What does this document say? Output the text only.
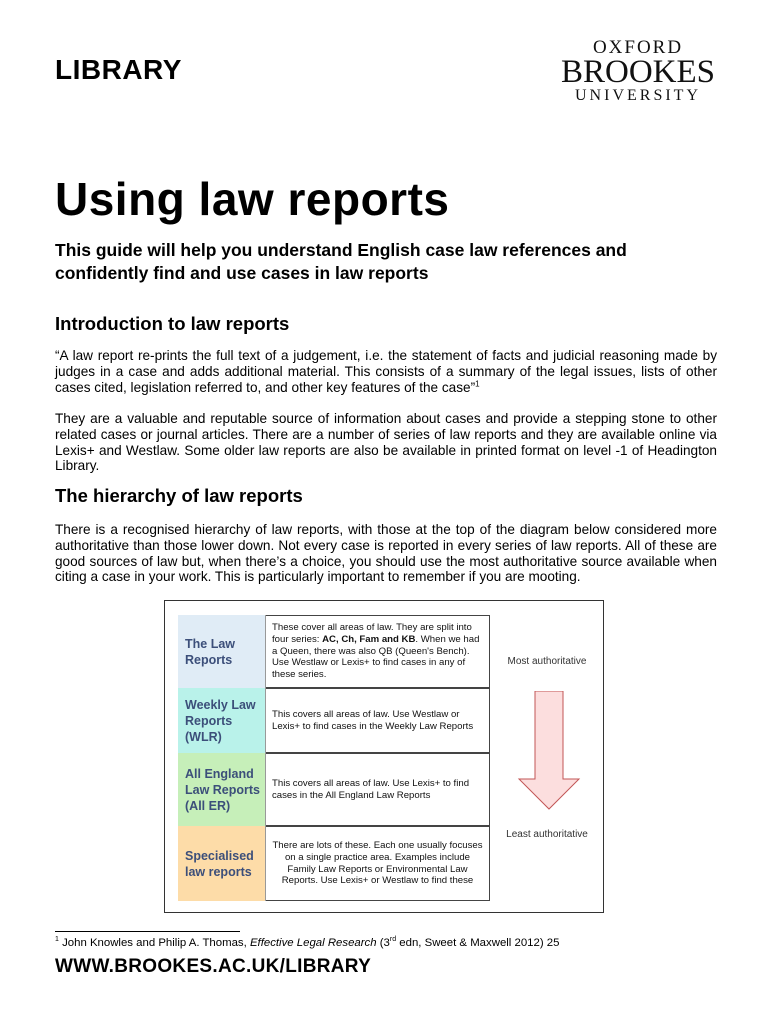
LIBRARY
OXFORD
BROOKES
UNIVERSITY
Using law reports
This guide will help you understand English case law references and confidently find and use cases in law reports
Introduction to law reports

“A law report re-prints the full text of a judgement, i.e. the statement of facts and judicial reasoning made by judges in a case and adds additional material. This consists of a summary of the legal issues, lists of other cases cited, legislation referred to, and other key features of the case”$^1$

They are a valuable and reputable source of information about cases and provide a stepping stone to other related cases or journal articles. There are a number of series of law reports and they are available online via Lexis+ and Westlaw. Some older law reports are also be available in printed format on level -1 of Headington Library.

The hierarchy of law reports

There is a recognised hierarchy of law reports, with those at the top of the diagram below considered more authoritative than those lower down. Not every case is reported in every series of law reports. All of these are good sources of law but, when there’s a choice, you should use the most authoritative source available when citing a case in your work. This is particularly important to remember if you are mooting.

The Law Reports
These cover all areas of law. They are split into four series: AC, Ch, Fam and KB. When we had a Queen, there was also QB (Queen's Bench). Use Westlaw or Lexis+ to find cases in any of these series.
Weekly Law Reports (WLR)
This covers all areas of law. Use Westlaw or Lexis+ to find cases in the Weekly Law Reports
All England Law Reports (All ER)
This covers all areas of law. Use Lexis+ to find cases in the All England Law Reports
Specialised law reports
There are lots of these. Each one usually focuses on a single practice area. Examples include Family Law Reports or Environmental Law Reports. Use Lexis+ or Westlaw to find these
Most authoritative
Least authoritative
$^1$ John Knowles and Philip A. Thomas, Effective Legal Research (3rd edn, Sweet & Maxwell 2012) 25
WWW.BROOKES.AC.UK/LIBRARY
